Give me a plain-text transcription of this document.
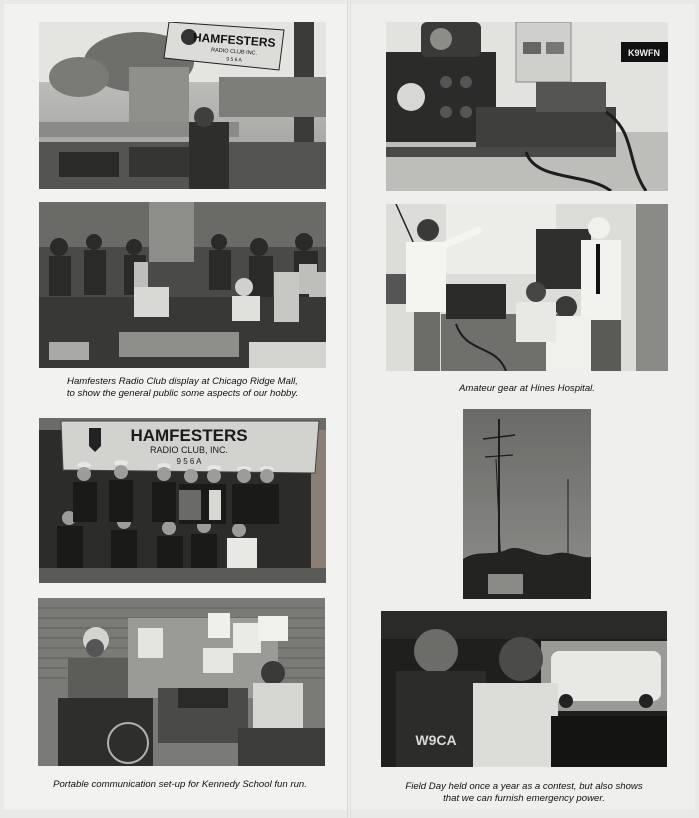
HAMFESTERS
RADIO CLUB INC.
9 5 6 A
K9WFN
Hamfesters Radio Club display at Chicago Ridge Mall,
to show the general public some aspects of our hobby.	Amateur gear at Hines Hospital.
HAMFESTERS
RADIO CLUB, INC.
9 5 6 A
W9CA
Portable communication set-up for Kennedy School fun run.	Field Day held once a year as a contest, but also shows
that we can furnish emergency power.
